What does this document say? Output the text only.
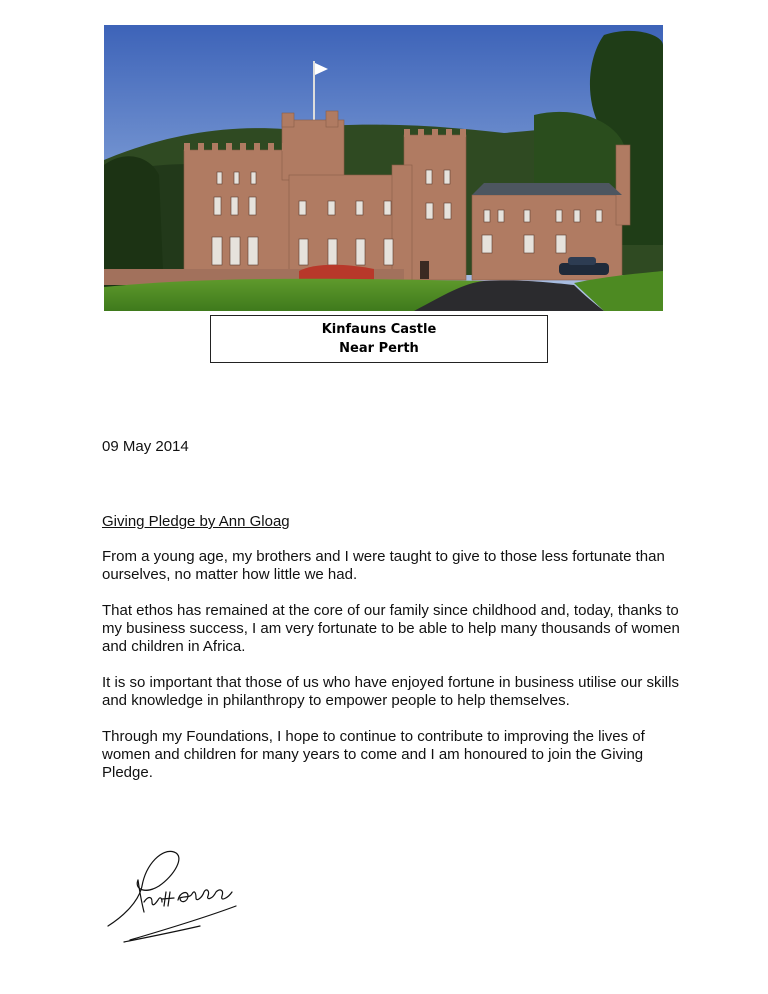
Kinfauns Castle
Near Perth
09 May 2014
Giving Pledge by Ann Gloag

From a young age, my brothers and I were taught to give to those less fortunate than ourselves, no matter how little we had.

That ethos has remained at the core of our family since childhood and, today, thanks to my business success, I am very fortunate to be able to help many thousands of women and children in Africa.

It is so important that those of us who have enjoyed fortune in business utilise our skills and knowledge in philanthropy to empower people to help themselves.

Through my Foundations, I hope to continue to contribute to improving the lives of women and children for many years to come and I am honoured to join the Giving Pledge.
